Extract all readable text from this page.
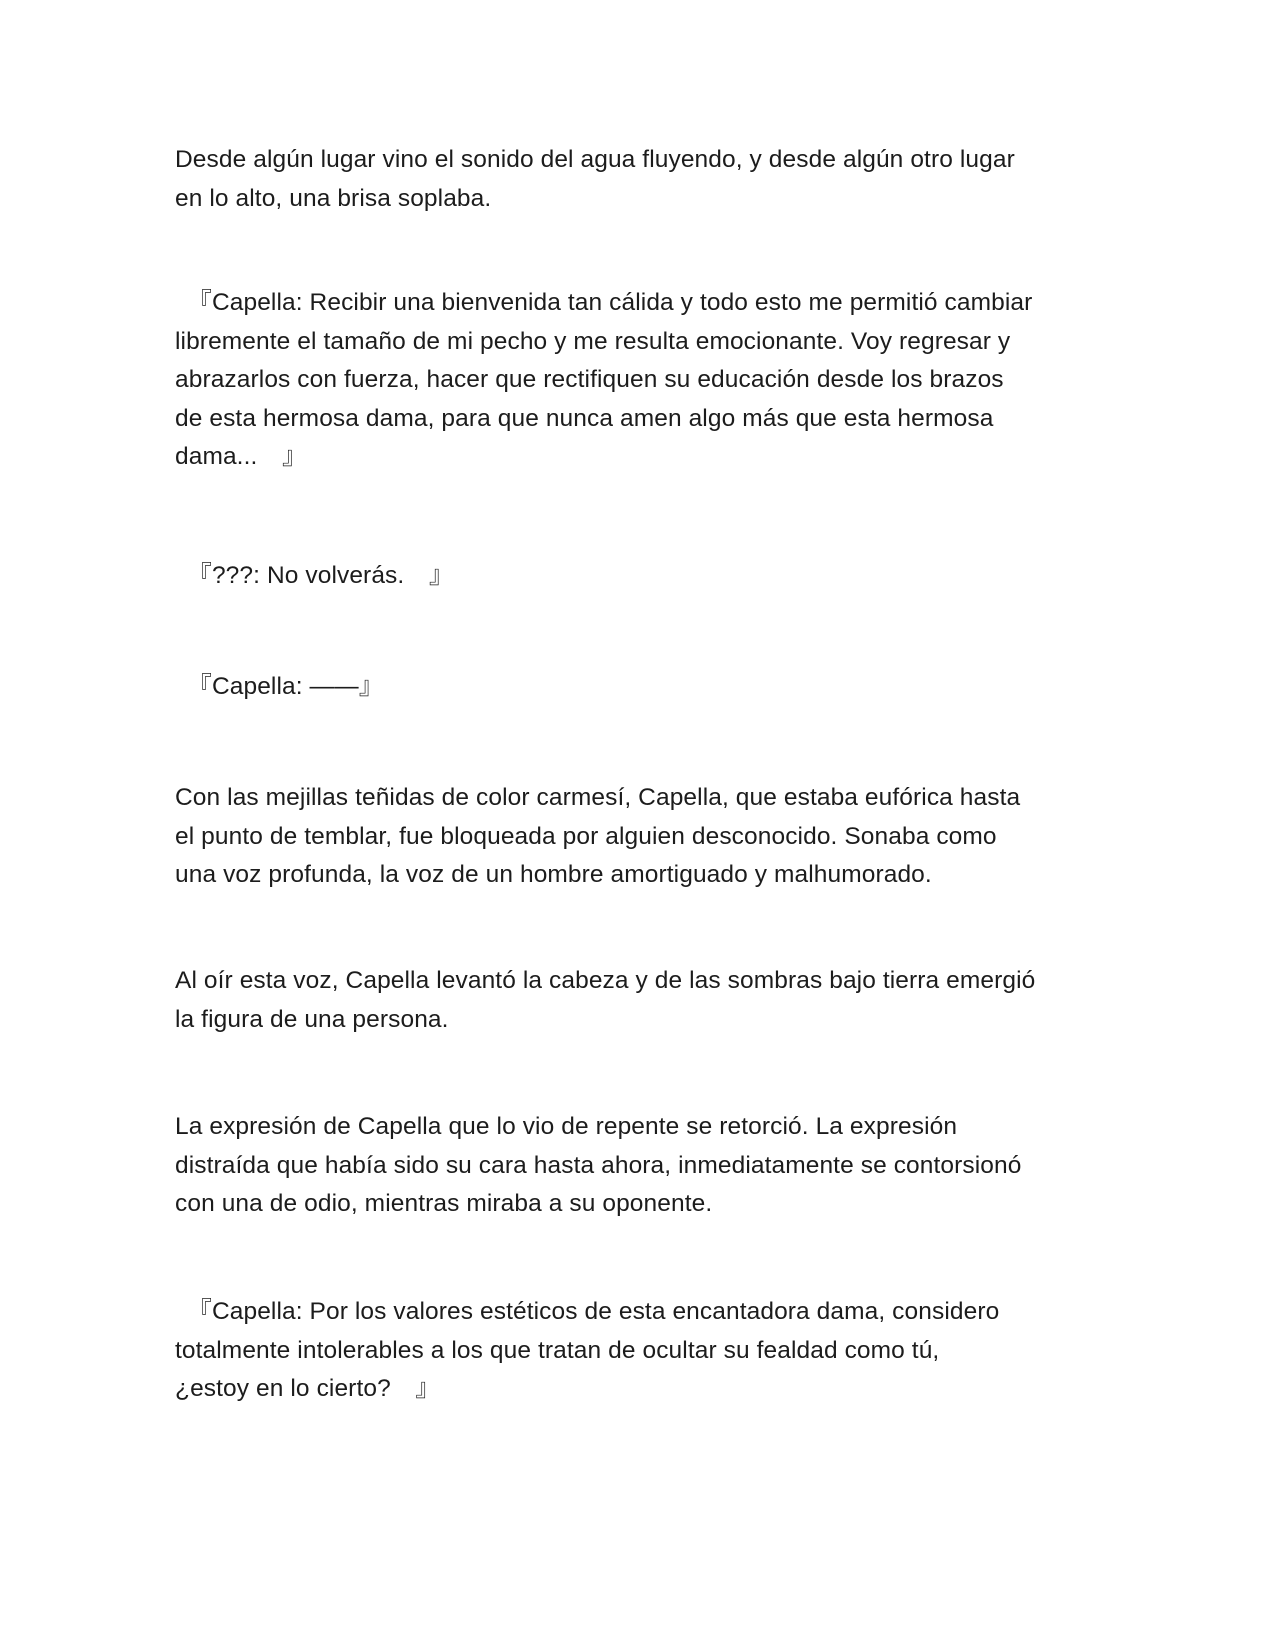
Desde algún lugar vino el sonido del agua fluyendo, y desde algún otro lugar
en lo alto, una brisa soplaba.

　『Capella: Recibir una bienvenida tan cálida y todo esto me permitió cambiar
libremente el tamaño de mi pecho y me resulta emocionante. Voy regresar y
abrazarlos con fuerza, hacer que rectifiquen su educación desde los brazos
de esta hermosa dama, para que nunca amen algo más que esta hermosa
dama...　』

　『???: No volverás.　』

　『Capella: ——』

Con las mejillas teñidas de color carmesí, Capella, que estaba eufórica hasta
el punto de temblar, fue bloqueada por alguien desconocido. Sonaba como
una voz profunda, la voz de un hombre amortiguado y malhumorado.

Al oír esta voz, Capella levantó la cabeza y de las sombras bajo tierra emergió
la figura de una persona.

La expresión de Capella que lo vio de repente se retorció. La expresión
distraída que había sido su cara hasta ahora, inmediatamente se contorsionó
con una de odio, mientras miraba a su oponente.

　『Capella: Por los valores estéticos de esta encantadora dama, considero
totalmente intolerables a los que tratan de ocultar su fealdad como tú,
¿estoy en lo cierto?　』
